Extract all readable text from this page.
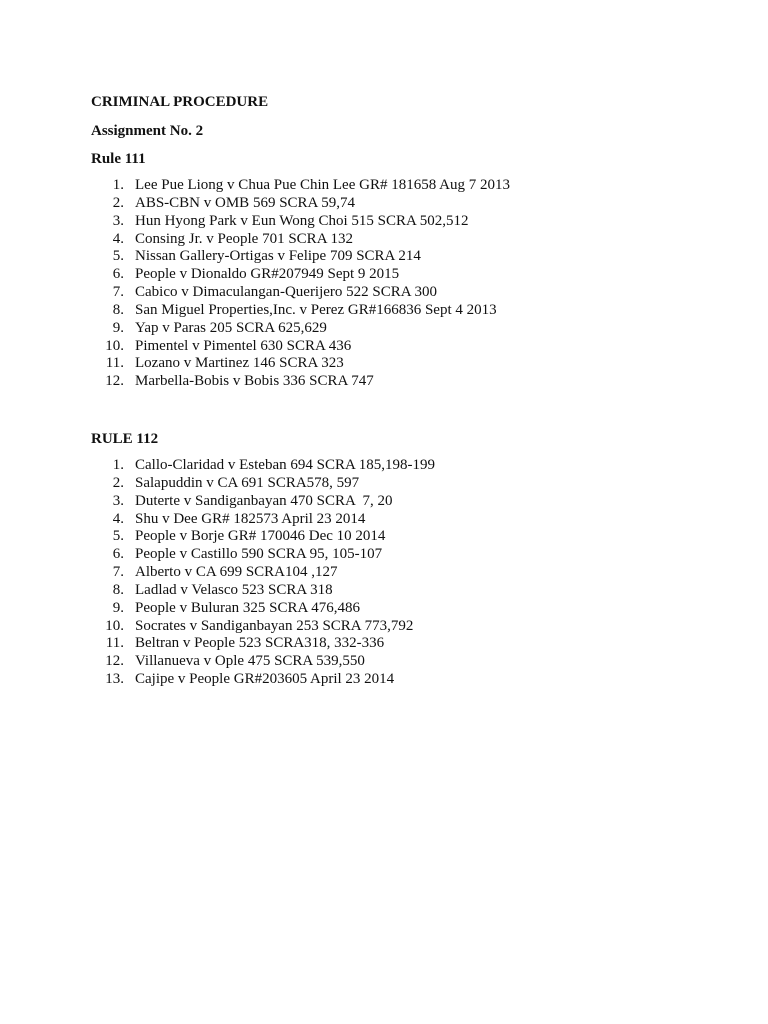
CRIMINAL PROCEDURE

Assignment No. 2

Rule 111

1. Lee Pue Liong v Chua Pue Chin Lee GR# 181658 Aug 7 2013
2. ABS-CBN v OMB 569 SCRA 59,74
3. Hun Hyong Park v Eun Wong Choi 515 SCRA 502,512
4. Consing Jr. v People 701 SCRA 132
5. Nissan Gallery-Ortigas v Felipe 709 SCRA 214
6. People v Dionaldo GR#207949 Sept 9 2015
7. Cabico v Dimaculangan-Querijero 522 SCRA 300
8. San Miguel Properties,Inc. v Perez GR#166836 Sept 4 2013
9. Yap v Paras 205 SCRA 625,629
10. Pimentel v Pimentel 630 SCRA 436
11. Lozano v Martinez 146 SCRA 323
12. Marbella-Bobis v Bobis 336 SCRA 747

RULE 112

1. Callo-Claridad v Esteban 694 SCRA 185,198-199
2. Salapuddin v CA 691 SCRA578, 597
3. Duterte v Sandiganbayan 470 SCRA  7, 20
4. Shu v Dee GR# 182573 April 23 2014
5. People v Borje GR# 170046 Dec 10 2014
6. People v Castillo 590 SCRA 95, 105-107
7. Alberto v CA 699 SCRA104 ,127
8. Ladlad v Velasco 523 SCRA 318
9. People v Buluran 325 SCRA 476,486
10. Socrates v Sandiganbayan 253 SCRA 773,792
11. Beltran v People 523 SCRA318, 332-336
12. Villanueva v Ople 475 SCRA 539,550
13. Cajipe v People GR#203605 April 23 2014
